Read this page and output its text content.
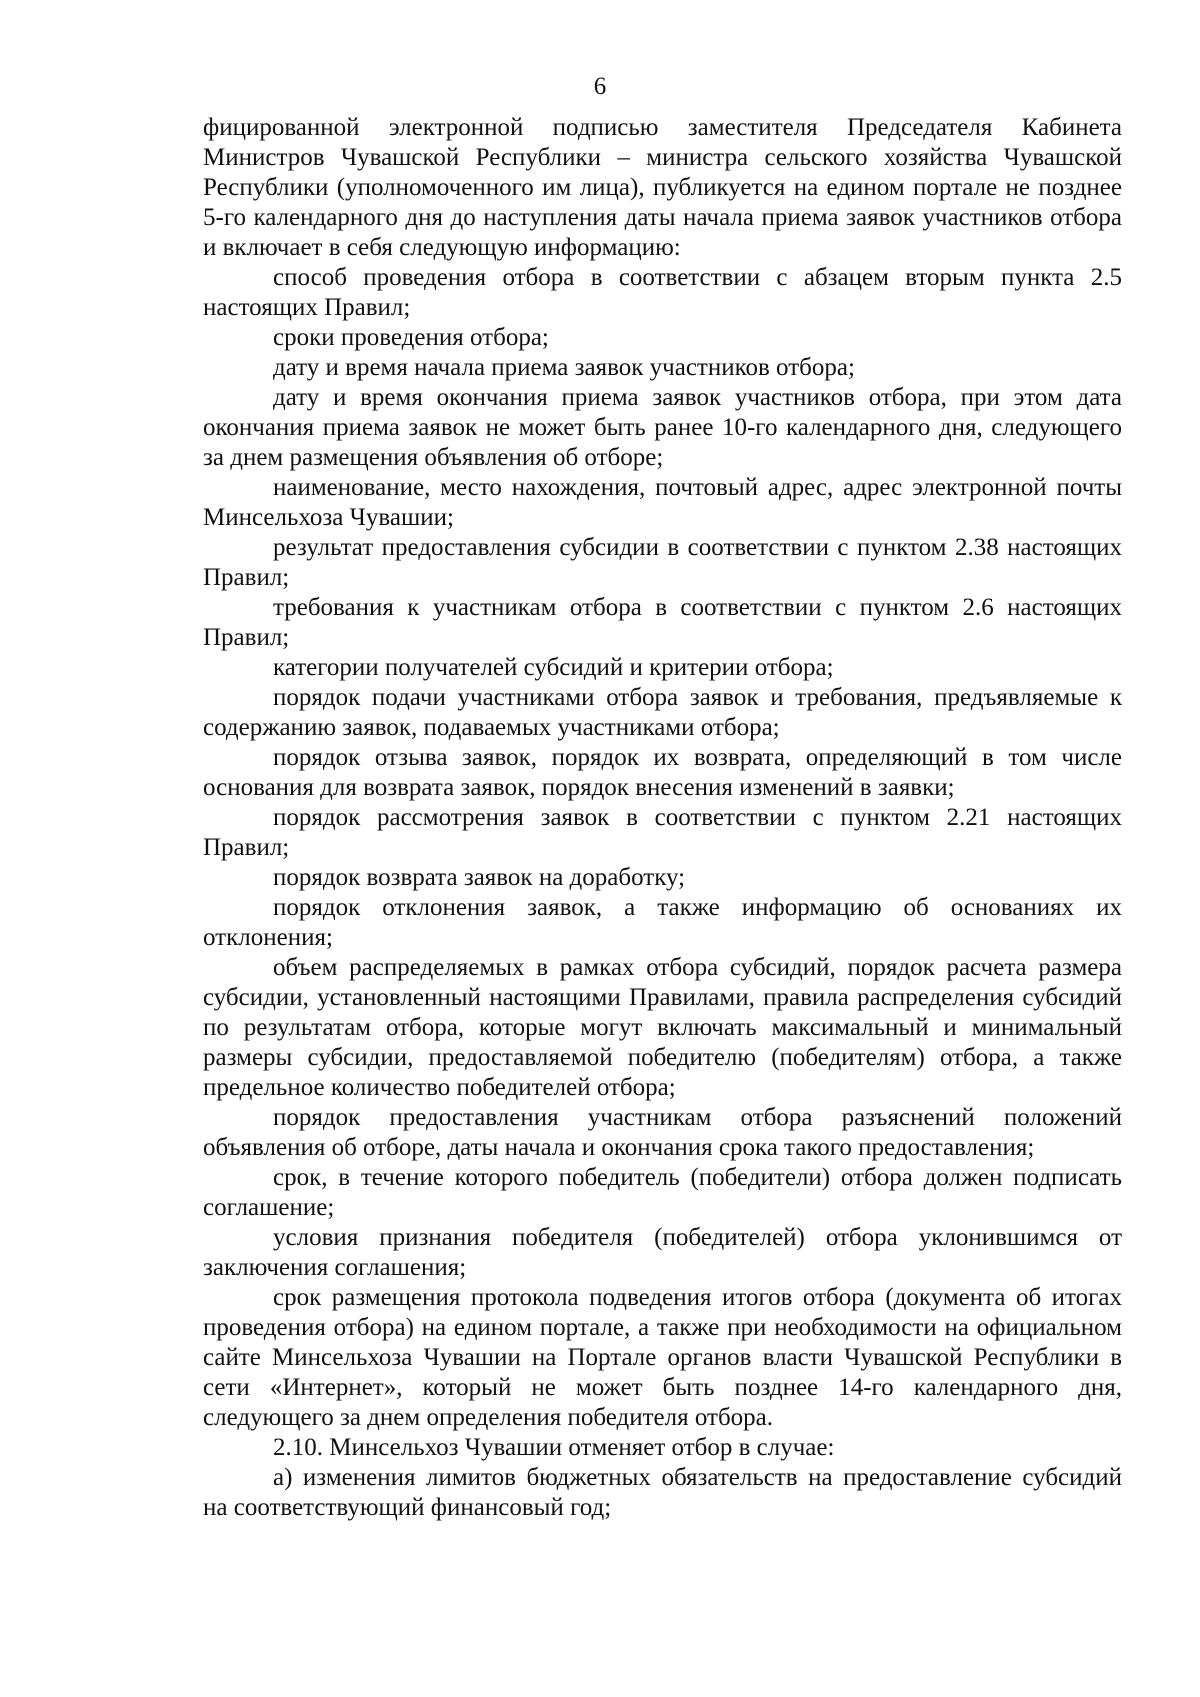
6

фицированной электронной подписью заместителя Председателя Кабинета Министров Чувашской Республики – министра сельского хозяйства Чувашской Республики (уполномоченного им лица), публикуется на едином портале не позднее 5-го календарного дня до наступления даты начала приема заявок участников отбора и включает в себя следующую информацию:

способ проведения отбора в соответствии с абзацем вторым пункта 2.5 настоящих Правил;

сроки проведения отбора;

дату и время начала приема заявок участников отбора;

дату и время окончания приема заявок участников отбора, при этом дата окончания приема заявок не может быть ранее 10-го календарного дня, следующего за днем размещения объявления об отборе;

наименование, место нахождения, почтовый адрес, адрес электронной почты Минсельхоза Чувашии;

результат предоставления субсидии в соответствии с пунктом 2.38 настоящих Правил;

требования к участникам отбора в соответствии с пунктом 2.6 настоящих Правил;

категории получателей субсидий и критерии отбора;

порядок подачи участниками отбора заявок и требования, предъявляемые к содержанию заявок, подаваемых участниками отбора;

порядок отзыва заявок, порядок их возврата, определяющий в том числе основания для возврата заявок, порядок внесения изменений в заявки;

порядок рассмотрения заявок в соответствии с пунктом 2.21 настоящих Правил;

порядок возврата заявок на доработку;

порядок отклонения заявок, а также информацию об основаниях их отклонения;

объем распределяемых в рамках отбора субсидий, порядок расчета размера субсидии, установленный настоящими Правилами, правила распределения субсидий по результатам отбора, которые могут включать максимальный и минимальный размеры субсидии, предоставляемой победителю (победителям) отбора, а также предельное количество победителей отбора;

порядок предоставления участникам отбора разъяснений положений объявления об отборе, даты начала и окончания срока такого предоставления;

срок, в течение которого победитель (победители) отбора должен подписать соглашение;

условия признания победителя (победителей) отбора уклонившимся от заключения соглашения;

срок размещения протокола подведения итогов отбора (документа об итогах проведения отбора) на едином портале, а также при необходимости на официальном сайте Минсельхоза Чувашии на Портале органов власти Чувашской Республики в сети «Интернет», который не может быть позднее 14-го календарного дня, следующего за днем определения победителя отбора.

2.10. Минсельхоз Чувашии отменяет отбор в случае:

а) изменения лимитов бюджетных обязательств на предоставление субсидий на соответствующий финансовый год;
